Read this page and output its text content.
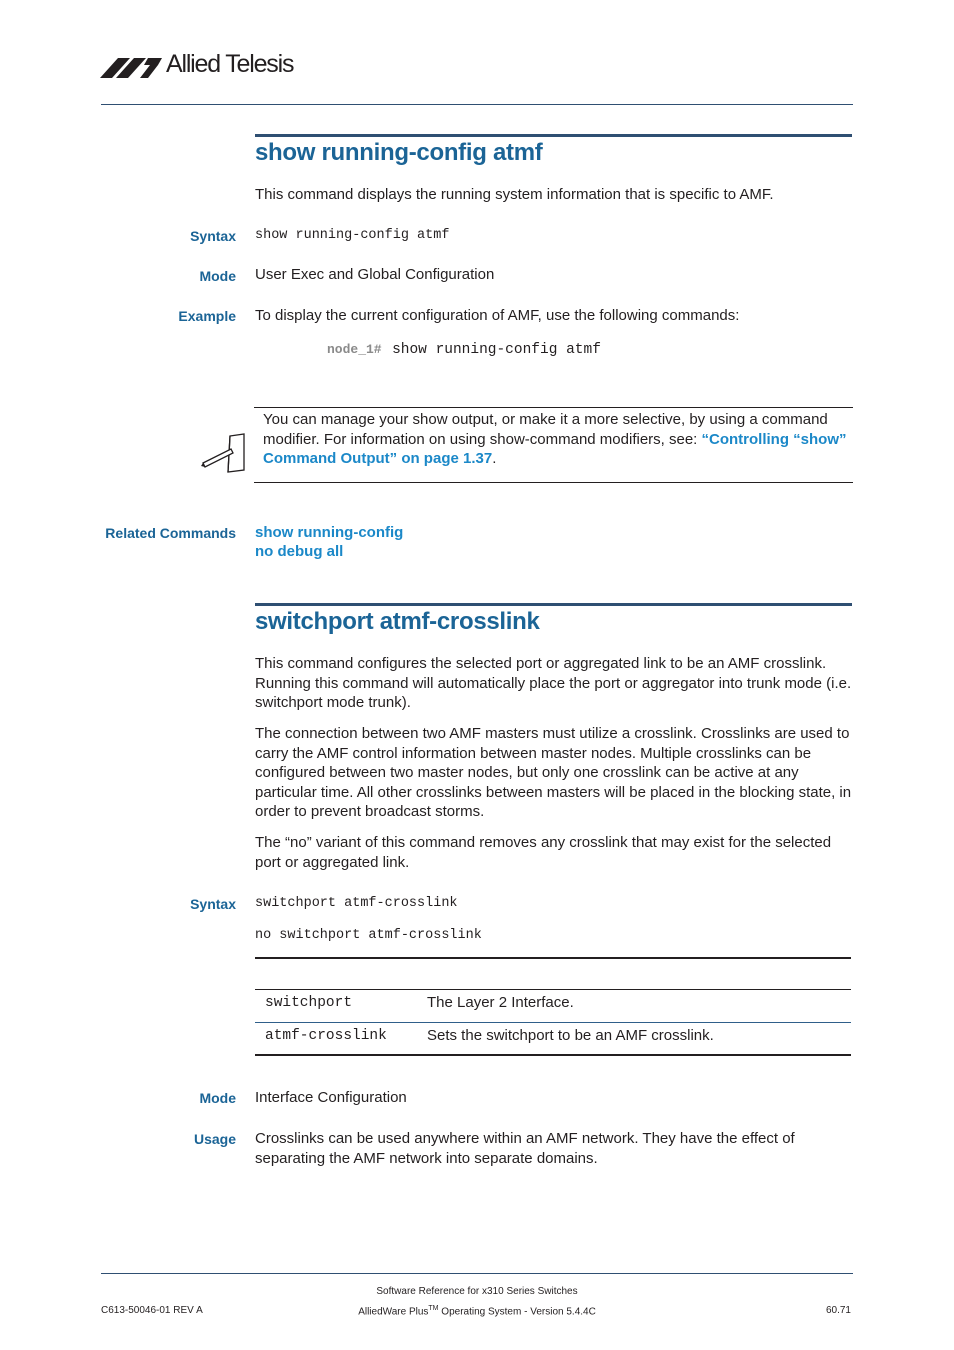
Allied Telesis
show running-config atmf
This command displays the running system information that is specific to AMF.
Syntax show running-config atmf
Mode User Exec and Global Configuration
Example To display the current configuration of AMF, use the following commands:
node_1# show running-config atmf
You can manage your show output, or make it a more selective, by using a command modifier. For information on using show-command modifiers, see: “Controlling “show” Command Output” on page 1.37.
Related Commands show running-config
no debug all
switchport atmf-crosslink
This command configures the selected port or aggregated link to be an AMF crosslink. Running this command will automatically place the port or aggregator into trunk mode (i.e. switchport mode trunk).
The connection between two AMF masters must utilize a crosslink. Crosslinks are used to carry the AMF control information between master nodes. Multiple crosslinks can be configured between two master nodes, but only one crosslink can be active at any particular time. All other crosslinks between masters will be placed in the blocking state, in order to prevent broadcast storms.
The “no” variant of this command removes any crosslink that may exist for the selected port or aggregated link.
Syntax switchport atmf-crosslink
no switchport atmf-crosslink
switchport	The Layer 2 Interface.
atmf-crosslink	Sets the switchport to be an AMF crosslink.
Mode Interface Configuration
Usage Crosslinks can be used anywhere within an AMF network. They have the effect of separating the AMF network into separate domains.
C613-50046-01 REV A
Software Reference for x310 Series Switches
AlliedWare Plus™ Operating System - Version 5.4.4C	60.71
